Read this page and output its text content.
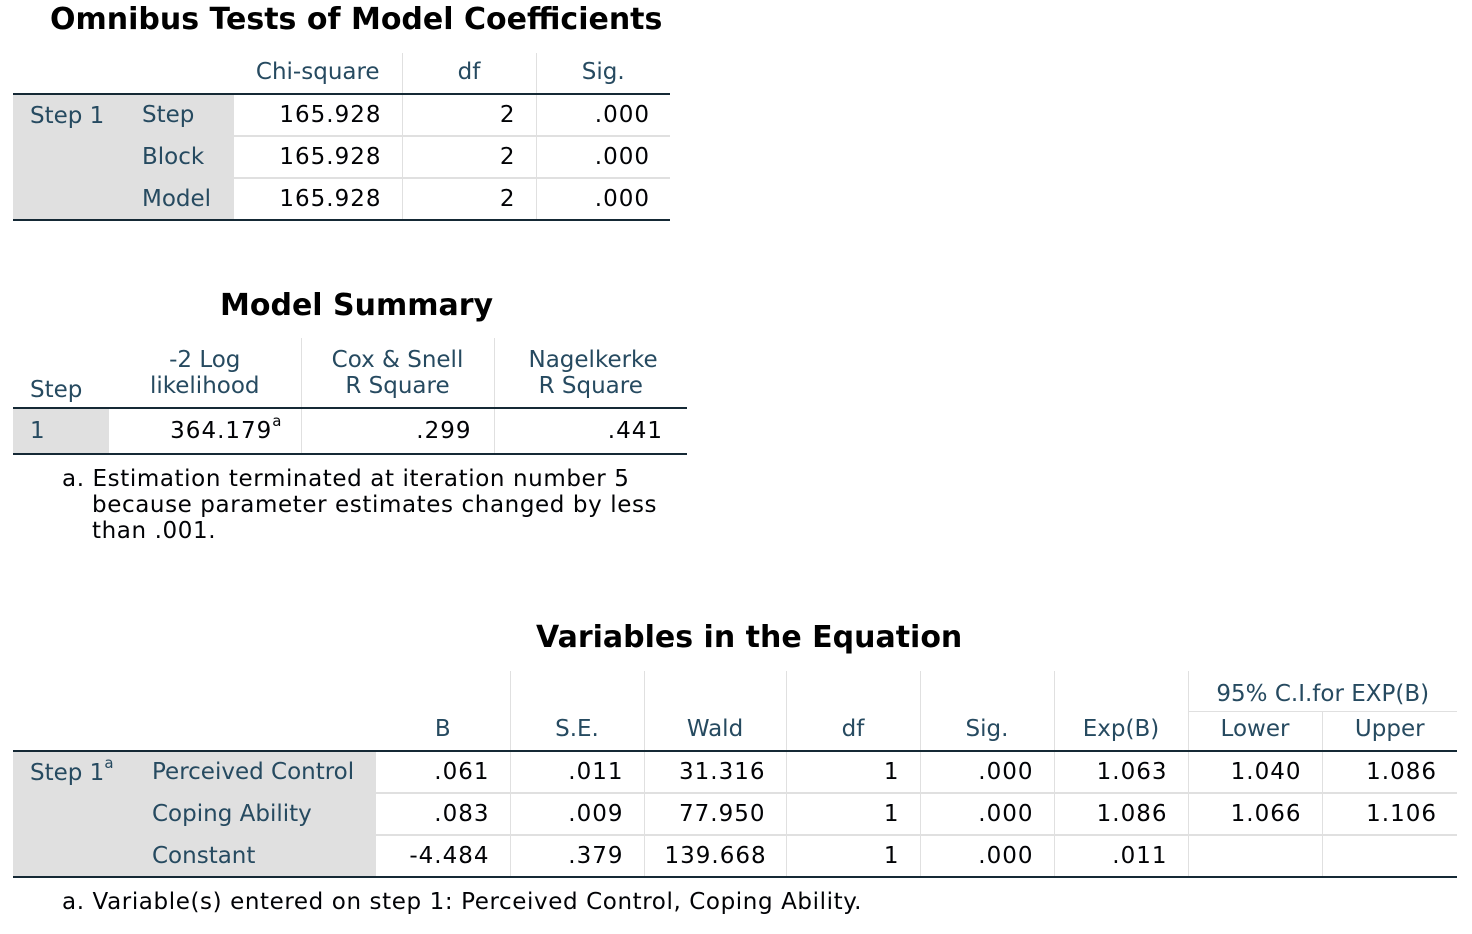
Omnibus Tests of Model Coefficients
		Chi-square	df	Sig.
Step 1	Step	165.928	2	.000
	Block	165.928	2	.000
	Model	165.928	2	.000
Model Summary
Step	-2 Log likelihood	Cox & Snell R Square	Nagelkerke R Square
1	364.179$^a$	.299	.441
a. Estimation terminated at iteration number 5
because parameter estimates changed by less
than .001.
Variables in the Equation
		B	S.E.	Wald	df	Sig.	Exp(B)	95% C.I.for EXP(B)	
								Lower	Upper
Step 1$^a$	Perceived Control	.061	.011	31.316	1	.000	1.063	1.040	1.086
	Coping Ability	.083	.009	77.950	1	.000	1.086	1.066	1.106
	Constant	-4.484	.379	139.668	1	.000	.011		
a. Variable(s) entered on step 1: Perceived Control, Coping Ability.
